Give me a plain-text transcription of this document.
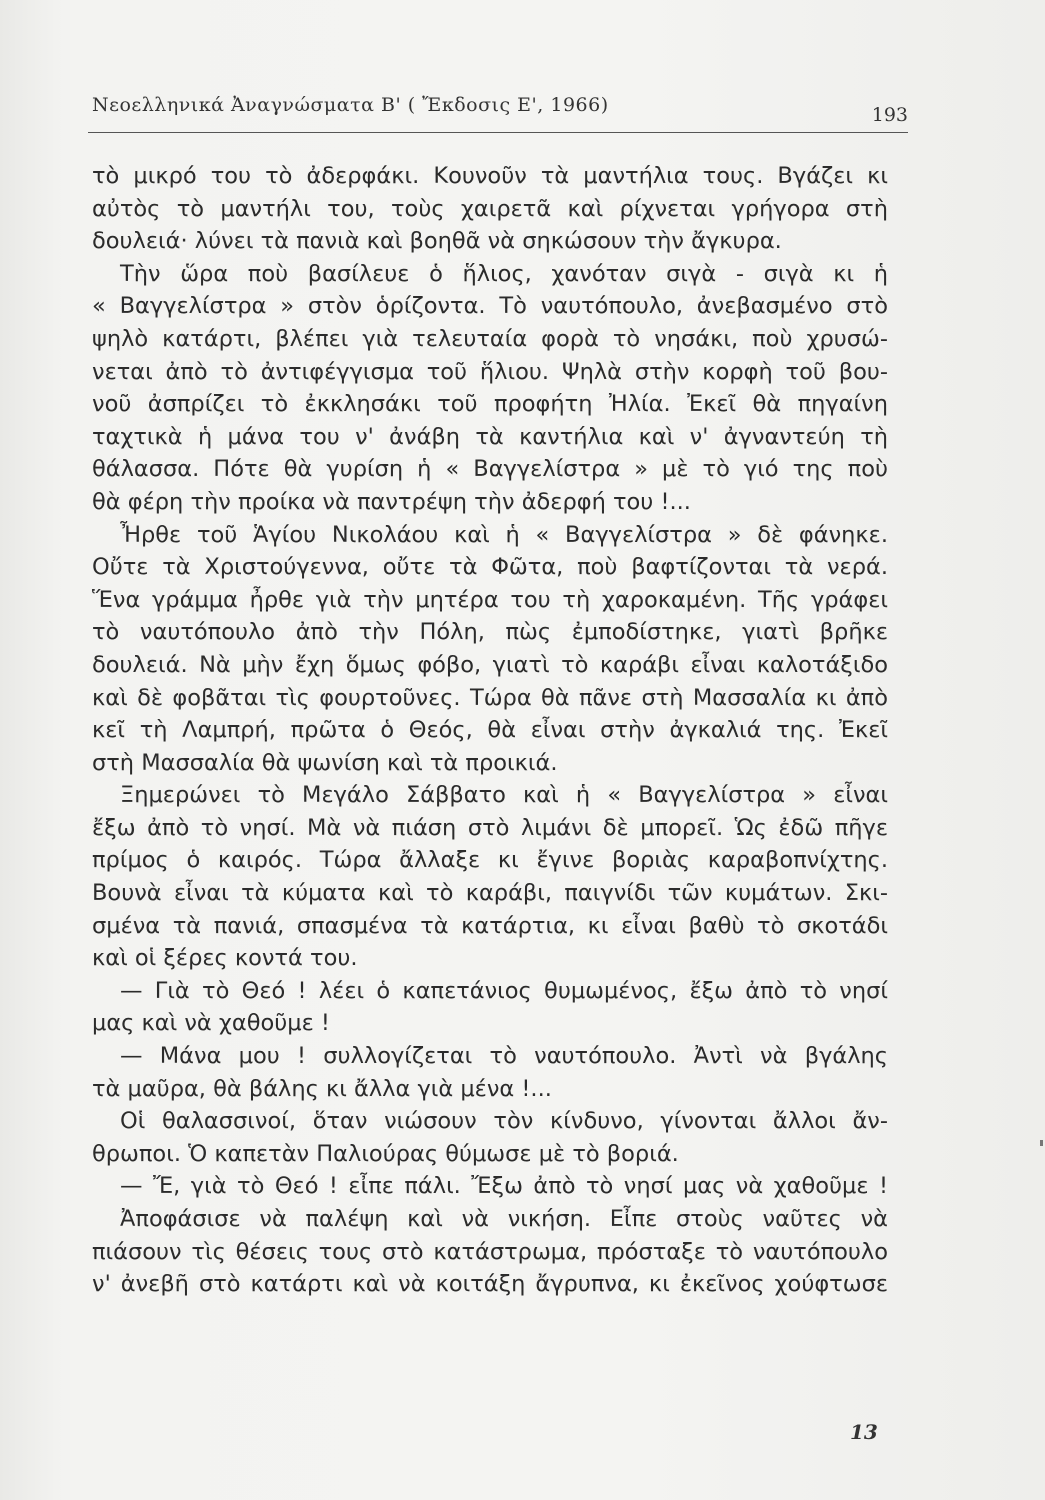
Νεοελληνικά Ἀναγνώσματα Β' ( Ἔκδοσις Ε', 1966)	193
τὸ μικρό του τὸ ἀδερφάκι. Κουνοῦν τὰ μαντήλια τους. Βγάζει κι
αὐτὸς τὸ μαντήλι του, τοὺς χαιρετᾶ καὶ ρίχνεται γρήγορα στὴ
δουλειά· λύνει τὰ πανιὰ καὶ βοηθᾶ νὰ σηκώσουν τὴν ἄγκυρα.
Τὴν ὥρα ποὺ βασίλευε ὁ ἥλιος, χανόταν σιγὰ - σιγὰ κι ἡ
« Βαγγελίστρα » στὸν ὁρίζοντα. Τὸ ναυτόπουλο, ἀνεβασμένο στὸ
ψηλὸ κατάρτι, βλέπει γιὰ τελευταία φορὰ τὸ νησάκι, ποὺ χρυσώ-
νεται ἀπὸ τὸ ἀντιφέγγισμα τοῦ ἥλιου. Ψηλὰ στὴν κορφὴ τοῦ βου-
νοῦ ἀσπρίζει τὸ ἐκκλησάκι τοῦ προφήτη Ἠλία. Ἐκεῖ θὰ πηγαίνη
ταχτικὰ ἡ μάνα του ν' ἀνάβη τὰ καντήλια καὶ ν' ἀγναντεύη τὴ
θάλασσα. Πότε θὰ γυρίση ἡ « Βαγγελίστρα » μὲ τὸ γιό της ποὺ
θὰ φέρη τὴν προίκα νὰ παντρέψη τὴν ἀδερφή του !...
Ἦρθε τοῦ Ἁγίου Νικολάου καὶ ἡ « Βαγγελίστρα » δὲ φάνηκε.
Οὔτε τὰ Χριστούγεννα, οὔτε τὰ Φῶτα, ποὺ βαφτίζονται τὰ νερά.
Ἕνα γράμμα ἦρθε γιὰ τὴν μητέρα του τὴ χαροκαμένη. Τῆς γράφει
τὸ ναυτόπουλο ἀπὸ τὴν Πόλη, πὼς ἐμποδίστηκε, γιατὶ βρῆκε
δουλειά. Νὰ μὴν ἔχη ὅμως φόβο, γιατὶ τὸ καράβι εἶναι καλοτάξιδο
καὶ δὲ φοβᾶται τὶς φουρτοῦνες. Τώρα θὰ πᾶνε στὴ Μασσαλία κι ἀπὸ
κεῖ τὴ Λαμπρή, πρῶτα ὁ Θεός, θὰ εἶναι στὴν ἀγκαλιά της. Ἐκεῖ
στὴ Μασσαλία θὰ ψωνίση καὶ τὰ προικιά.
Ξημερώνει τὸ Μεγάλο Σάββατο καὶ ἡ « Βαγγελίστρα » εἶναι
ἔξω ἀπὸ τὸ νησί. Μὰ νὰ πιάση στὸ λιμάνι δὲ μπορεῖ. Ὡς ἐδῶ πῆγε
πρίμος ὁ καιρός. Τώρα ἄλλαξε κι ἔγινε βοριὰς καραβοπνίχτης.
Βουνὰ εἶναι τὰ κύματα καὶ τὸ καράβι, παιγνίδι τῶν κυμάτων. Σκι-
σμένα τὰ πανιά, σπασμένα τὰ κατάρτια, κι εἶναι βαθὺ τὸ σκοτάδι
καὶ οἱ ξέρες κοντά του.
— Γιὰ τὸ Θεό ! λέει ὁ καπετάνιος θυμωμένος, ἔξω ἀπὸ τὸ νησί
μας καὶ νὰ χαθοῦμε !
— Μάνα μου ! συλλογίζεται τὸ ναυτόπουλο. Ἀντὶ νὰ βγάλης
τὰ μαῦρα, θὰ βάλης κι ἄλλα γιὰ μένα !...
Οἱ θαλασσινοί, ὅταν νιώσουν τὸν κίνδυνο, γίνονται ἄλλοι ἄν-
θρωποι. Ὁ καπετὰν Παλιούρας θύμωσε μὲ τὸ βοριά.
— Ἔ, γιὰ τὸ Θεό ! εἶπε πάλι. Ἔξω ἀπὸ τὸ νησί μας νὰ χαθοῦμε !
Ἀποφάσισε νὰ παλέψη καὶ νὰ νικήση. Εἶπε στοὺς ναῦτες νὰ
πιάσουν τὶς θέσεις τους στὸ κατάστρωμα, πρόσταξε τὸ ναυτόπουλο
ν' ἀνεβῆ στὸ κατάρτι καὶ νὰ κοιτάξη ἄγρυπνα, κι ἐκεῖνος χούφτωσε
13
